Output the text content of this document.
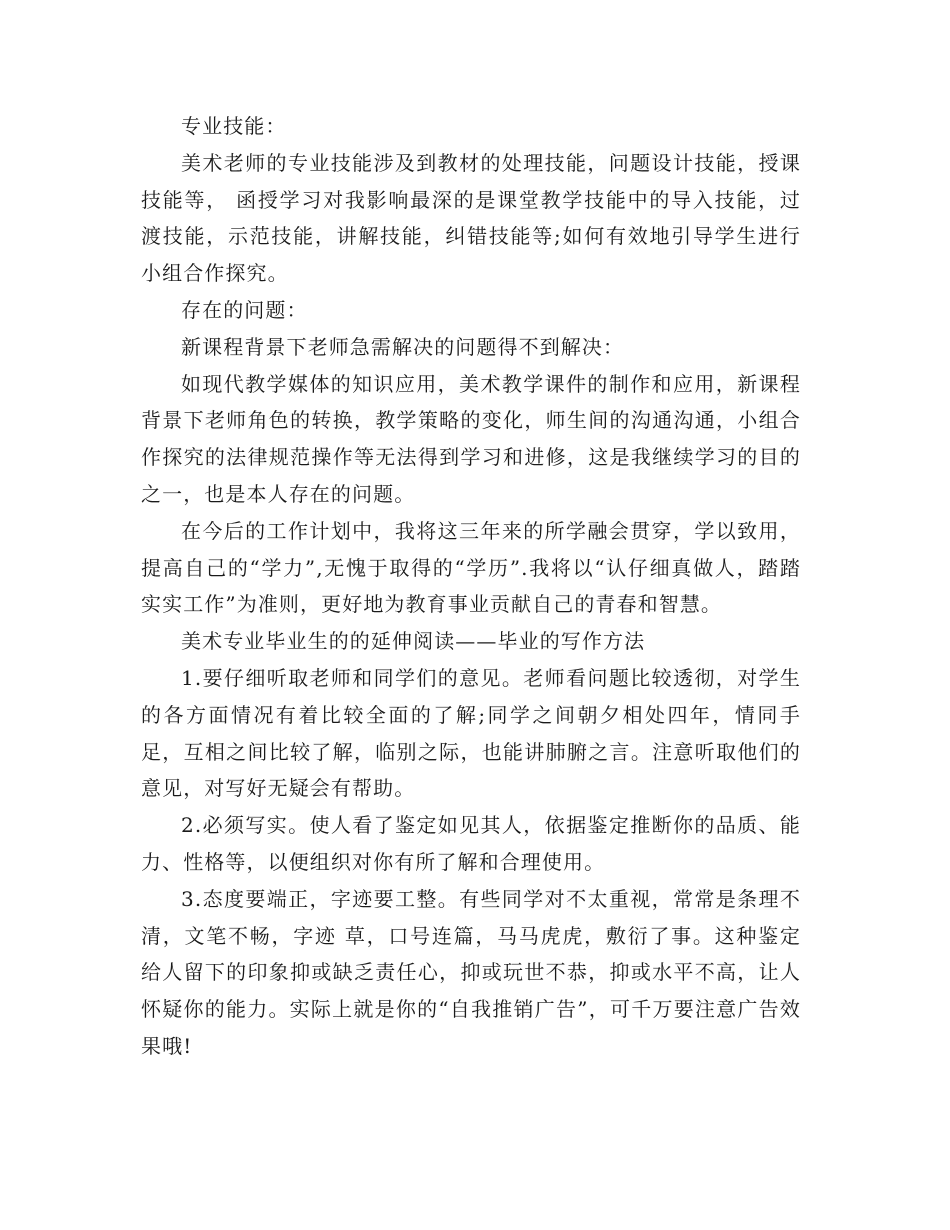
专业技能：

美术老师的专业技能涉及到教材的处理技能，问题设计技能，授课技能等， 函授学习对我影响最深的是课堂教学技能中的导入技能，过渡技能，示范技能，讲解技能，纠错技能等;如何有效地引导学生进行小组合作探究。

存在的问题：

新课程背景下老师急需解决的问题得不到解决：

如现代教学媒体的知识应用，美术教学课件的制作和应用，新课程背景下老师角色的转换，教学策略的变化，师生间的沟通沟通，小组合作探究的法律规范操作等无法得到学习和进修，这是我继续学习的目的之一，也是本人存在的问题。

在今后的工作计划中，我将这三年来的所学融会贯穿，学以致用，提高自己的“学力”,无愧于取得的“学历”.我将以“认仔细真做人，踏踏实实工作”为准则，更好地为教育事业贡献自己的青春和智慧。

美术专业毕业生的的延伸阅读——毕业的写作方法

1.要仔细听取老师和同学们的意见。老师看问题比较透彻，对学生的各方面情况有着比较全面的了解;同学之间朝夕相处四年，情同手足，互相之间比较了解，临别之际，也能讲肺腑之言。注意听取他们的意见，对写好无疑会有帮助。

2.必须写实。使人看了鉴定如见其人，依据鉴定推断你的品质、能力、性格等，以便组织对你有所了解和合理使用。

3.态度要端正，字迹要工整。有些同学对不太重视，常常是条理不清，文笔不畅，字迹 草，口号连篇，马马虎虎，敷衍了事。这种鉴定给人留下的印象抑或缺乏责任心，抑或玩世不恭，抑或水平不高，让人怀疑你的能力。实际上就是你的“自我推销广告”，可千万要注意广告效果哦!
